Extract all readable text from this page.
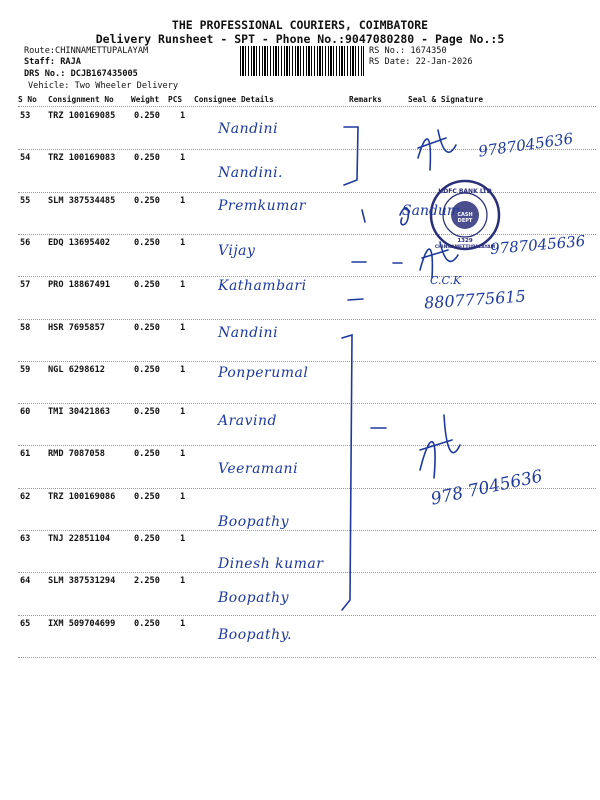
THE PROFESSIONAL COURIERS, COIMBATORE
Delivery Runsheet - SPT - Phone No.:9047080280 - Page No.:5
Route:CHINNAMETTUPALAYAM
Staff: RAJA
DRS No.: DCJB167435005
Vehicle: Two Wheeler Delivery
RS No.: 1674350
RS Date: 22-Jan-2026
S No Consignment No Weight PCS Consignee Details	Remarks	Seal & Signature
53 TRZ 100169085 0.250 1
Nandini
54 TRZ 100169083 0.250 1
Nandini.
55 SLM 387534485 0.250 1 Premkumar
56 EDQ 13695402	0.250 1 Vijay
57 PRO 18867491	0.250 1 Kathambari
58 HSR 7695857	0.250 1 Nandini
59 NGL 6298612	0.250 1 Ponperumal
60 TMI 30421863	0.250 1
Aravind
61 RMD 7087058	0.250 1
Veeramani
62 TRZ 100169086 0.250 1
Boopathy
63 TNJ 22851104	0.250 1
Dinesh kumar
64 SLM 387531294 2.250 1
Boopathy
65 IXM 509704699 0.250 1
Boopathy.
9787045636
Sandum
9787045636
C.C.K
8807775615
978 7045636
HDFC BANK LTD
CASH DEPT
1329
CHINNAMETTUPALAYAM
